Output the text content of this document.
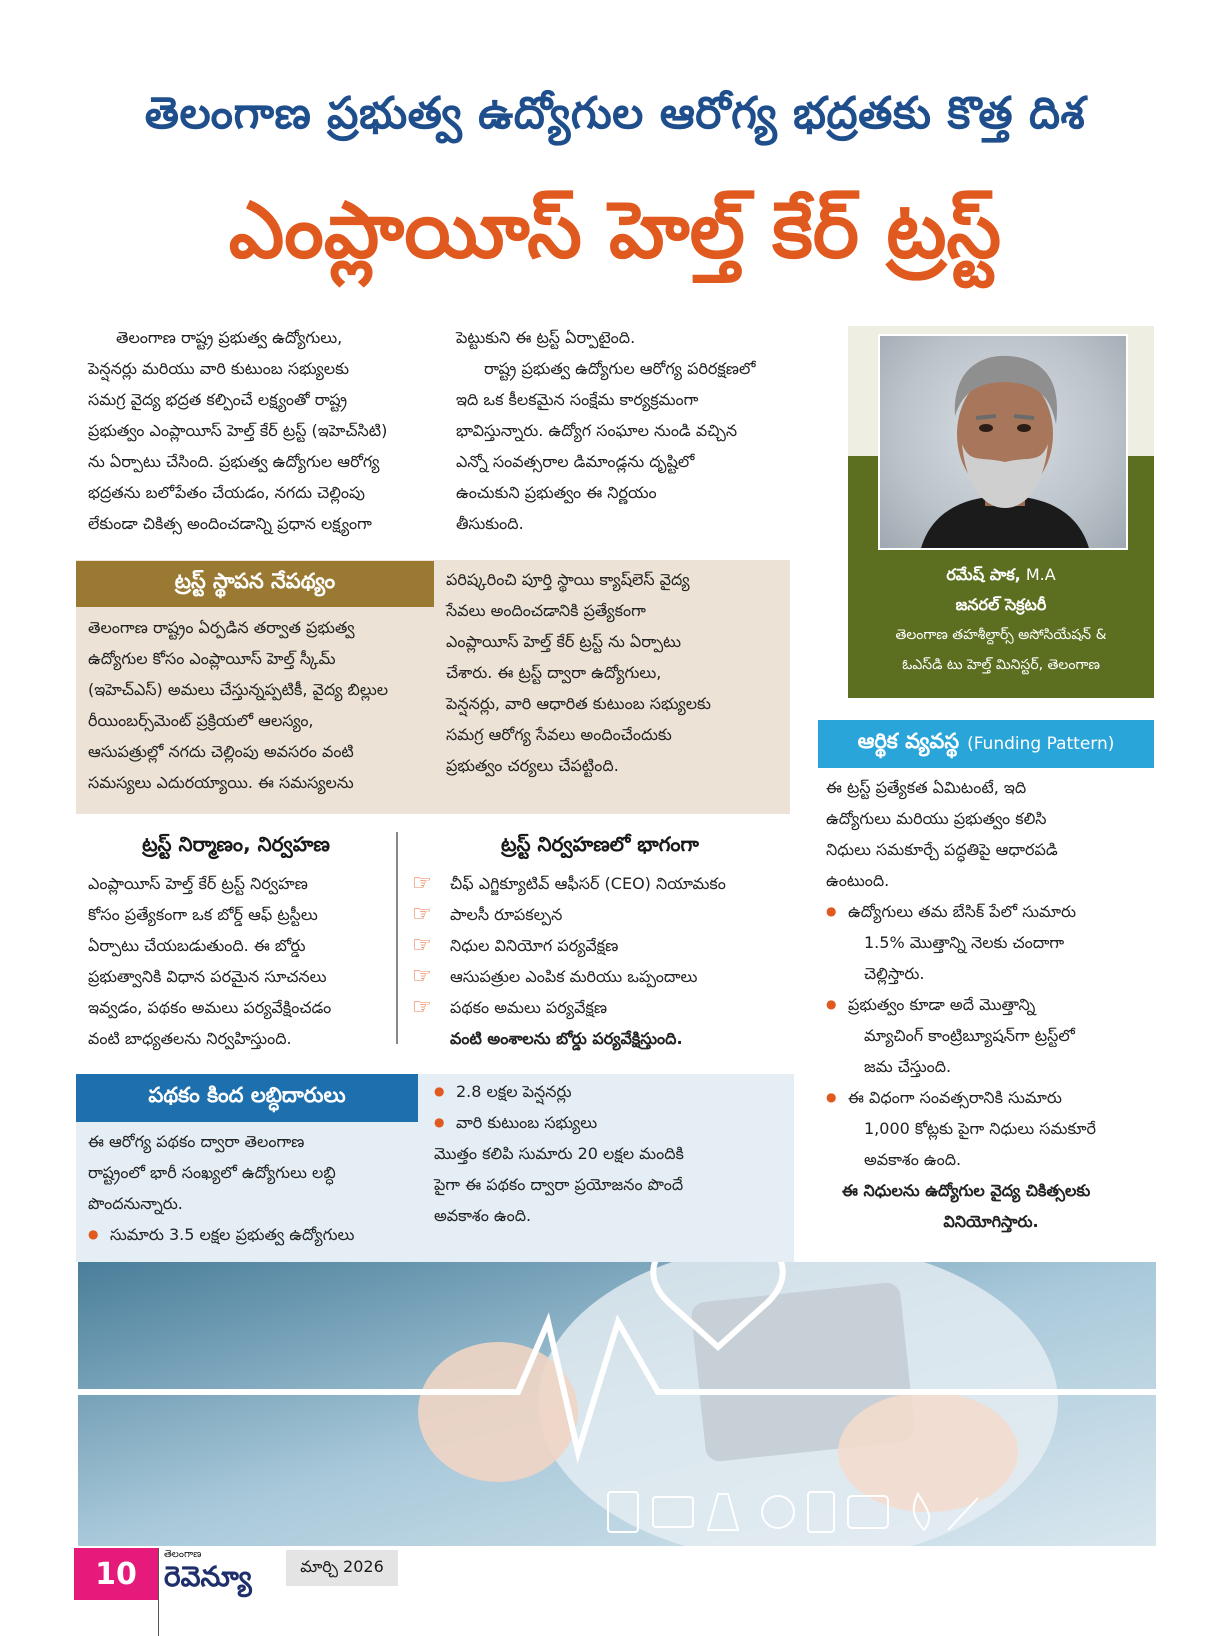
తెలంగాణ ప్రభుత్వ ఉద్యోగుల ఆరోగ్య భద్రతకు కొత్త దిశ
ఎంప్లాయీస్ హెల్త్ కేర్ ట్రస్ట్

తెలంగాణ రాష్ట్ర ప్రభుత్వ ఉద్యోగులు,

పెన్షనర్లు మరియు వారి కుటుంబ సభ్యులకు

సమగ్ర వైద్య భద్రత కల్పించే లక్ష్యంతో రాష్ట్ర

ప్రభుత్వం ఎంప్లాయీస్ హెల్త్ కేర్ ట్రస్ట్ (ఇహెచ్‌సిటి)

ను ఏర్పాటు చేసింది. ప్రభుత్వ ఉద్యోగుల ఆరోగ్య

భద్రతను బలోపేతం చేయడం, నగదు చెల్లింపు

లేకుండా చికిత్స అందించడాన్ని ప్రధాన లక్ష్యంగా

పెట్టుకుని ఈ ట్రస్ట్ ఏర్పాటైంది.

రాష్ట్ర ప్రభుత్వ ఉద్యోగుల ఆరోగ్య పరిరక్షణలో

ఇది ఒక కీలకమైన సంక్షేమ కార్యక్రమంగా

భావిస్తున్నారు. ఉద్యోగ సంఘాల నుండి వచ్చిన

ఎన్నో సంవత్సరాల డిమాండ్లను దృష్టిలో

ఉంచుకుని ప్రభుత్వం ఈ నిర్ణయం

తీసుకుంది.

రమేష్ పాక, M.A
జనరల్ సెక్రటరీ
తెలంగాణ తహశీల్దార్స్ అసోసియేషన్ &
ఓఎస్‌డి టు హెల్త్ మినిస్టర్, తెలంగాణ
ట్రస్ట్ స్థాపన నేపథ్యం

తెలంగాణ రాష్ట్రం ఏర్పడిన తర్వాత ప్రభుత్వ

ఉద్యోగుల కోసం ఎంప్లాయీస్ హెల్త్ స్కీమ్

(ఇహెచ్ఎస్) అమలు చేస్తున్నప్పటికీ, వైద్య బిల్లుల

రీయింబర్స్‌మెంట్ ప్రక్రియలో ఆలస్యం,

ఆసుపత్రుల్లో నగదు చెల్లింపు అవసరం వంటి

సమస్యలు ఎదురయ్యాయి. ఈ సమస్యలను

పరిష్కరించి పూర్తి స్థాయి క్యాష్‌లెస్ వైద్య

సేవలు అందించడానికి ప్రత్యేకంగా

ఎంప్లాయీస్ హెల్త్ కేర్ ట్రస్ట్ ను ఏర్పాటు

చేశారు. ఈ ట్రస్ట్ ద్వారా ఉద్యోగులు,

పెన్షనర్లు, వారి ఆధారిత కుటుంబ సభ్యులకు

సమగ్ర ఆరోగ్య సేవలు అందించేందుకు

ప్రభుత్వం చర్యలు చేపట్టింది.

ఆర్థిక వ్యవస్థ (Funding Pattern)

ఈ ట్రస్ట్ ప్రత్యేకత ఏమిటంటే, ఇది

ఉద్యోగులు మరియు ప్రభుత్వం కలిసి

నిధులు సమకూర్చే పద్ధతిపై ఆధారపడి

ఉంటుంది.

● ఉద్యోగులు తమ బేసిక్ పేలో సుమారు
1.5% మొత్తాన్ని నెలకు చందాగా
చెల్లిస్తారు.
● ప్రభుత్వం కూడా అదే మొత్తాన్ని
మ్యాచింగ్ కాంట్రిబ్యూషన్‌గా ట్రస్ట్‌లో
జమ చేస్తుంది.
● ఈ విధంగా సంవత్సరానికి సుమారు
1,000 కోట్లకు పైగా నిధులు సమకూరే
అవకాశం ఉంది.

ఈ నిధులను ఉద్యోగుల వైద్య చికిత్సలకు

వినియోగిస్తారు.

ట్రస్ట్ నిర్మాణం, నిర్వహణ

ఎంప్లాయీస్ హెల్త్ కేర్ ట్రస్ట్ నిర్వహణ

కోసం ప్రత్యేకంగా ఒక బోర్డ్ ఆఫ్ ట్రస్టీలు

ఏర్పాటు చేయబడుతుంది. ఈ బోర్డు

ప్రభుత్వానికి విధాన పరమైన సూచనలు

ఇవ్వడం, పథకం అమలు పర్యవేక్షించడం

వంటి బాధ్యతలను నిర్వహిస్తుంది.

ట్రస్ట్ నిర్వహణలో భాగంగా
☞	చీఫ్ ఎగ్జిక్యూటివ్ ఆఫీసర్ (CEO) నియామకం
☞	పాలసీ రూపకల్పన
☞	నిధుల వినియోగ పర్యవేక్షణ
☞	ఆసుపత్రుల ఎంపిక మరియు ఒప్పందాలు
☞	పథకం అమలు పర్యవేక్షణ

వంటి అంశాలను బోర్డు పర్యవేక్షిస్తుంది.

పథకం కింద లబ్ధిదారులు

ఈ ఆరోగ్య పథకం ద్వారా తెలంగాణ

రాష్ట్రంలో భారీ సంఖ్యలో ఉద్యోగులు లబ్ధి

పొందనున్నారు.

● సుమారు 3.5 లక్షల ప్రభుత్వ ఉద్యోగులు
● 2.8 లక్షల పెన్షనర్లు
● వారి కుటుంబ సభ్యులు

మొత్తం కలిపి సుమారు 20 లక్షల మందికి

పైగా ఈ పథకం ద్వారా ప్రయోజనం పొందే

అవకాశం ఉంది.

10
తెలంగాణ
రెవెన్యూ	మార్చి 2026
